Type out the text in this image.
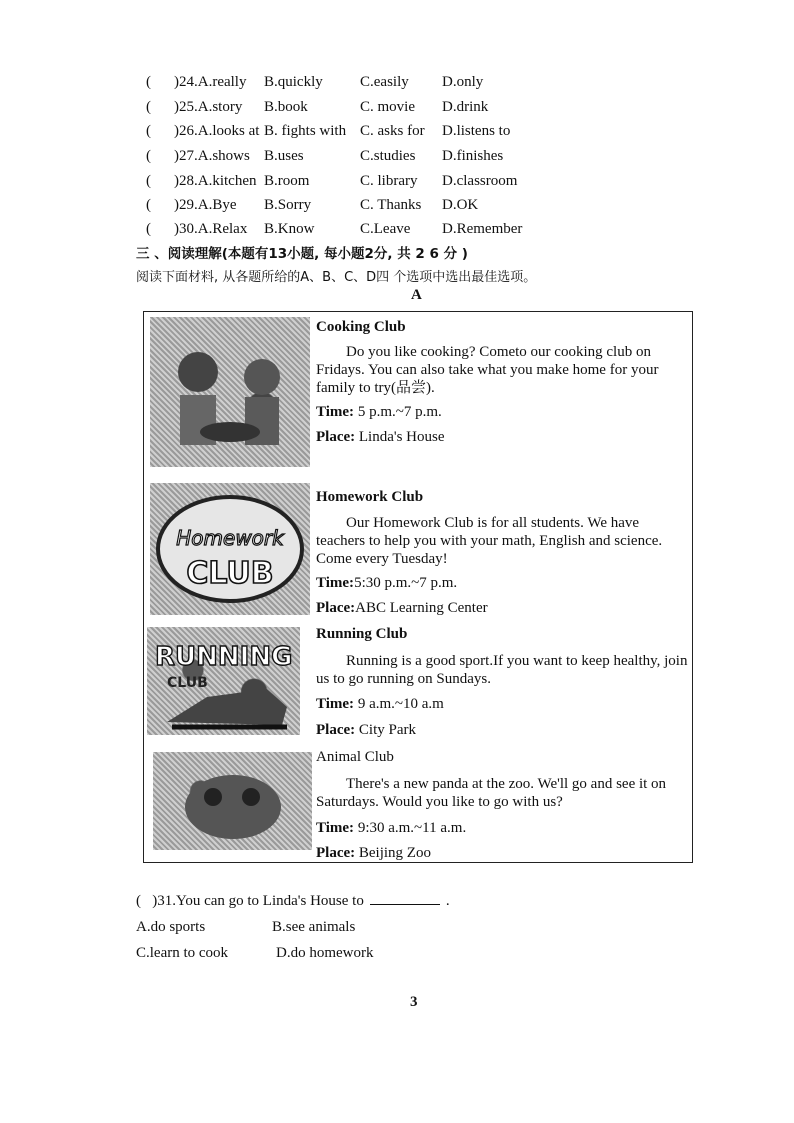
( )24.A.really B.quickly C.easily D.only
( )25.A.story B.book	C. movie D.drink
( )26.A.looks at B. fights with C. asks for D.listens to
( )27.A.shows B.uses	C.studies D.finishes
( )28.A.kitchen B.room	C. library D.classroom
( )29.A.Bye B.Sorry	C. Thanks D.OK
( )30.A.Relax B.Know	C.Leave D.Remember
三 、阅读理解(本题有13小题, 每小题2分, 共 2 6 分 )
阅读下面材料, 从各题所给的A、B、C、D四 个选项中选出最佳选项。
A
Cooking Club
Do you like cooking? Cometo our cooking club on Fridays. You can also take what you make home for your family to try(品尝).
Time: 5 p.m.~7 p.m.
Place: Linda's House
Homework
CLUB
Homework Club
Our Homework Club is for all students. We have teachers to help you with your math, English and science. Come every Tuesday!
Time:5:30 p.m.~7 p.m.
Place:ABC Learning Center
RUNNING
CLUB
Running Club
Running is a good sport.If you want to keep healthy, join us to go running on Sundays.
Time: 9 a.m.~10 a.m
Place: City Park
Animal Club
There's a new panda at the zoo. We'll go and see it on Saturdays. Would you like to go with us?
Time: 9:30 a.m.~11 a.m.
Place: Beijing Zoo
( )31.You can go to Linda's House to	.
A.do sports	B.see animals
C.learn to cook	D.do homework
3
